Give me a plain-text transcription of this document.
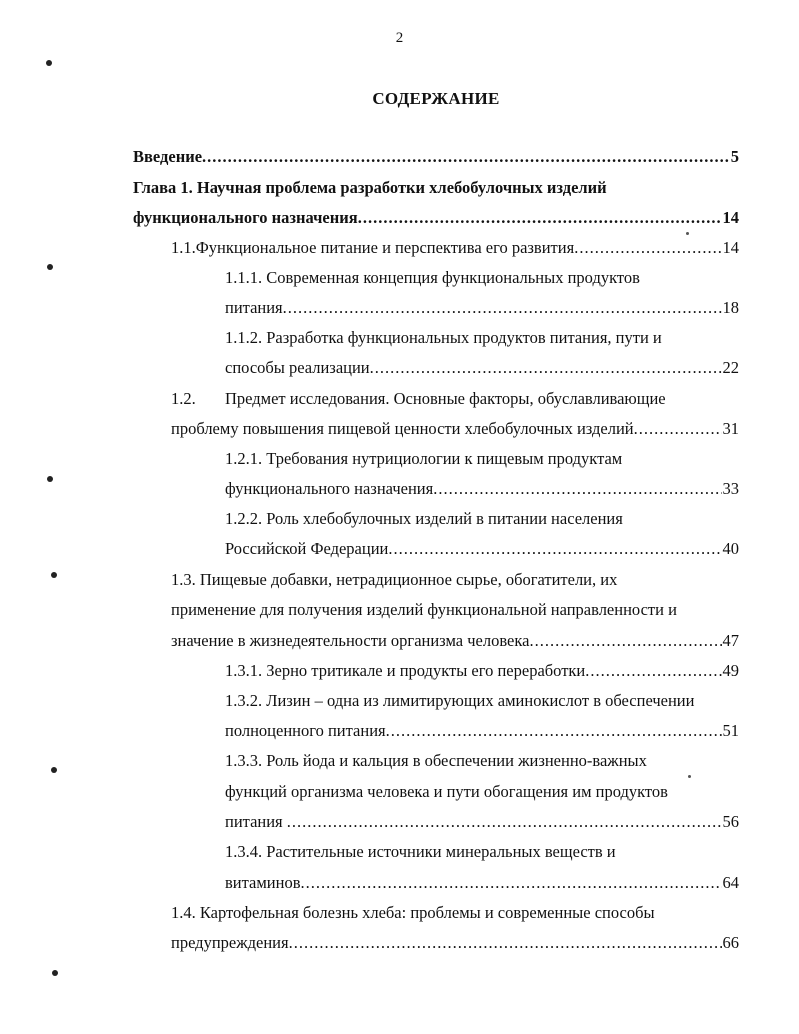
2
СОДЕРЖАНИЕ
Введение .....	5
Глава 1. Научная проблема разработки хлебобулочных изделий
функционального назначения .....	14
1.1. Функциональное питание и перспектива его развития .....	14
1.1.1. Современная концепция функциональных продуктов
питания .....	18
1.1.2. Разработка функциональных продуктов питания, пути и
способы реализации .....	22
1.2.	Предмет исследования. Основные факторы, обуславливающие
проблему повышения пищевой ценности хлебобулочных изделий .....	31
1.2.1. Требования нутрициологии к пищевым продуктам
функционального назначения .....	33
1.2.2. Роль хлебобулочных изделий в питании населения
Российской Федерации .....	40
1.3. Пищевые добавки, нетрадиционное сырье, обогатители, их
применение для получения изделий функциональной направленности и
значение в жизнедеятельности организма человека .....	47
1.3.1. Зерно тритикале и продукты его переработки .....	49
1.3.2. Лизин – одна из лимитирующих аминокислот в обеспечении
полноценного питания .....	51
1.3.3. Роль йода и кальция в обеспечении жизненно-важных
функций организма человека и пути обогащения им продуктов
питания .....	56
1.3.4. Растительные источники минеральных веществ и
витаминов .....	64
1.4. Картофельная болезнь хлеба: проблемы и современные способы
предупреждения .....	66
